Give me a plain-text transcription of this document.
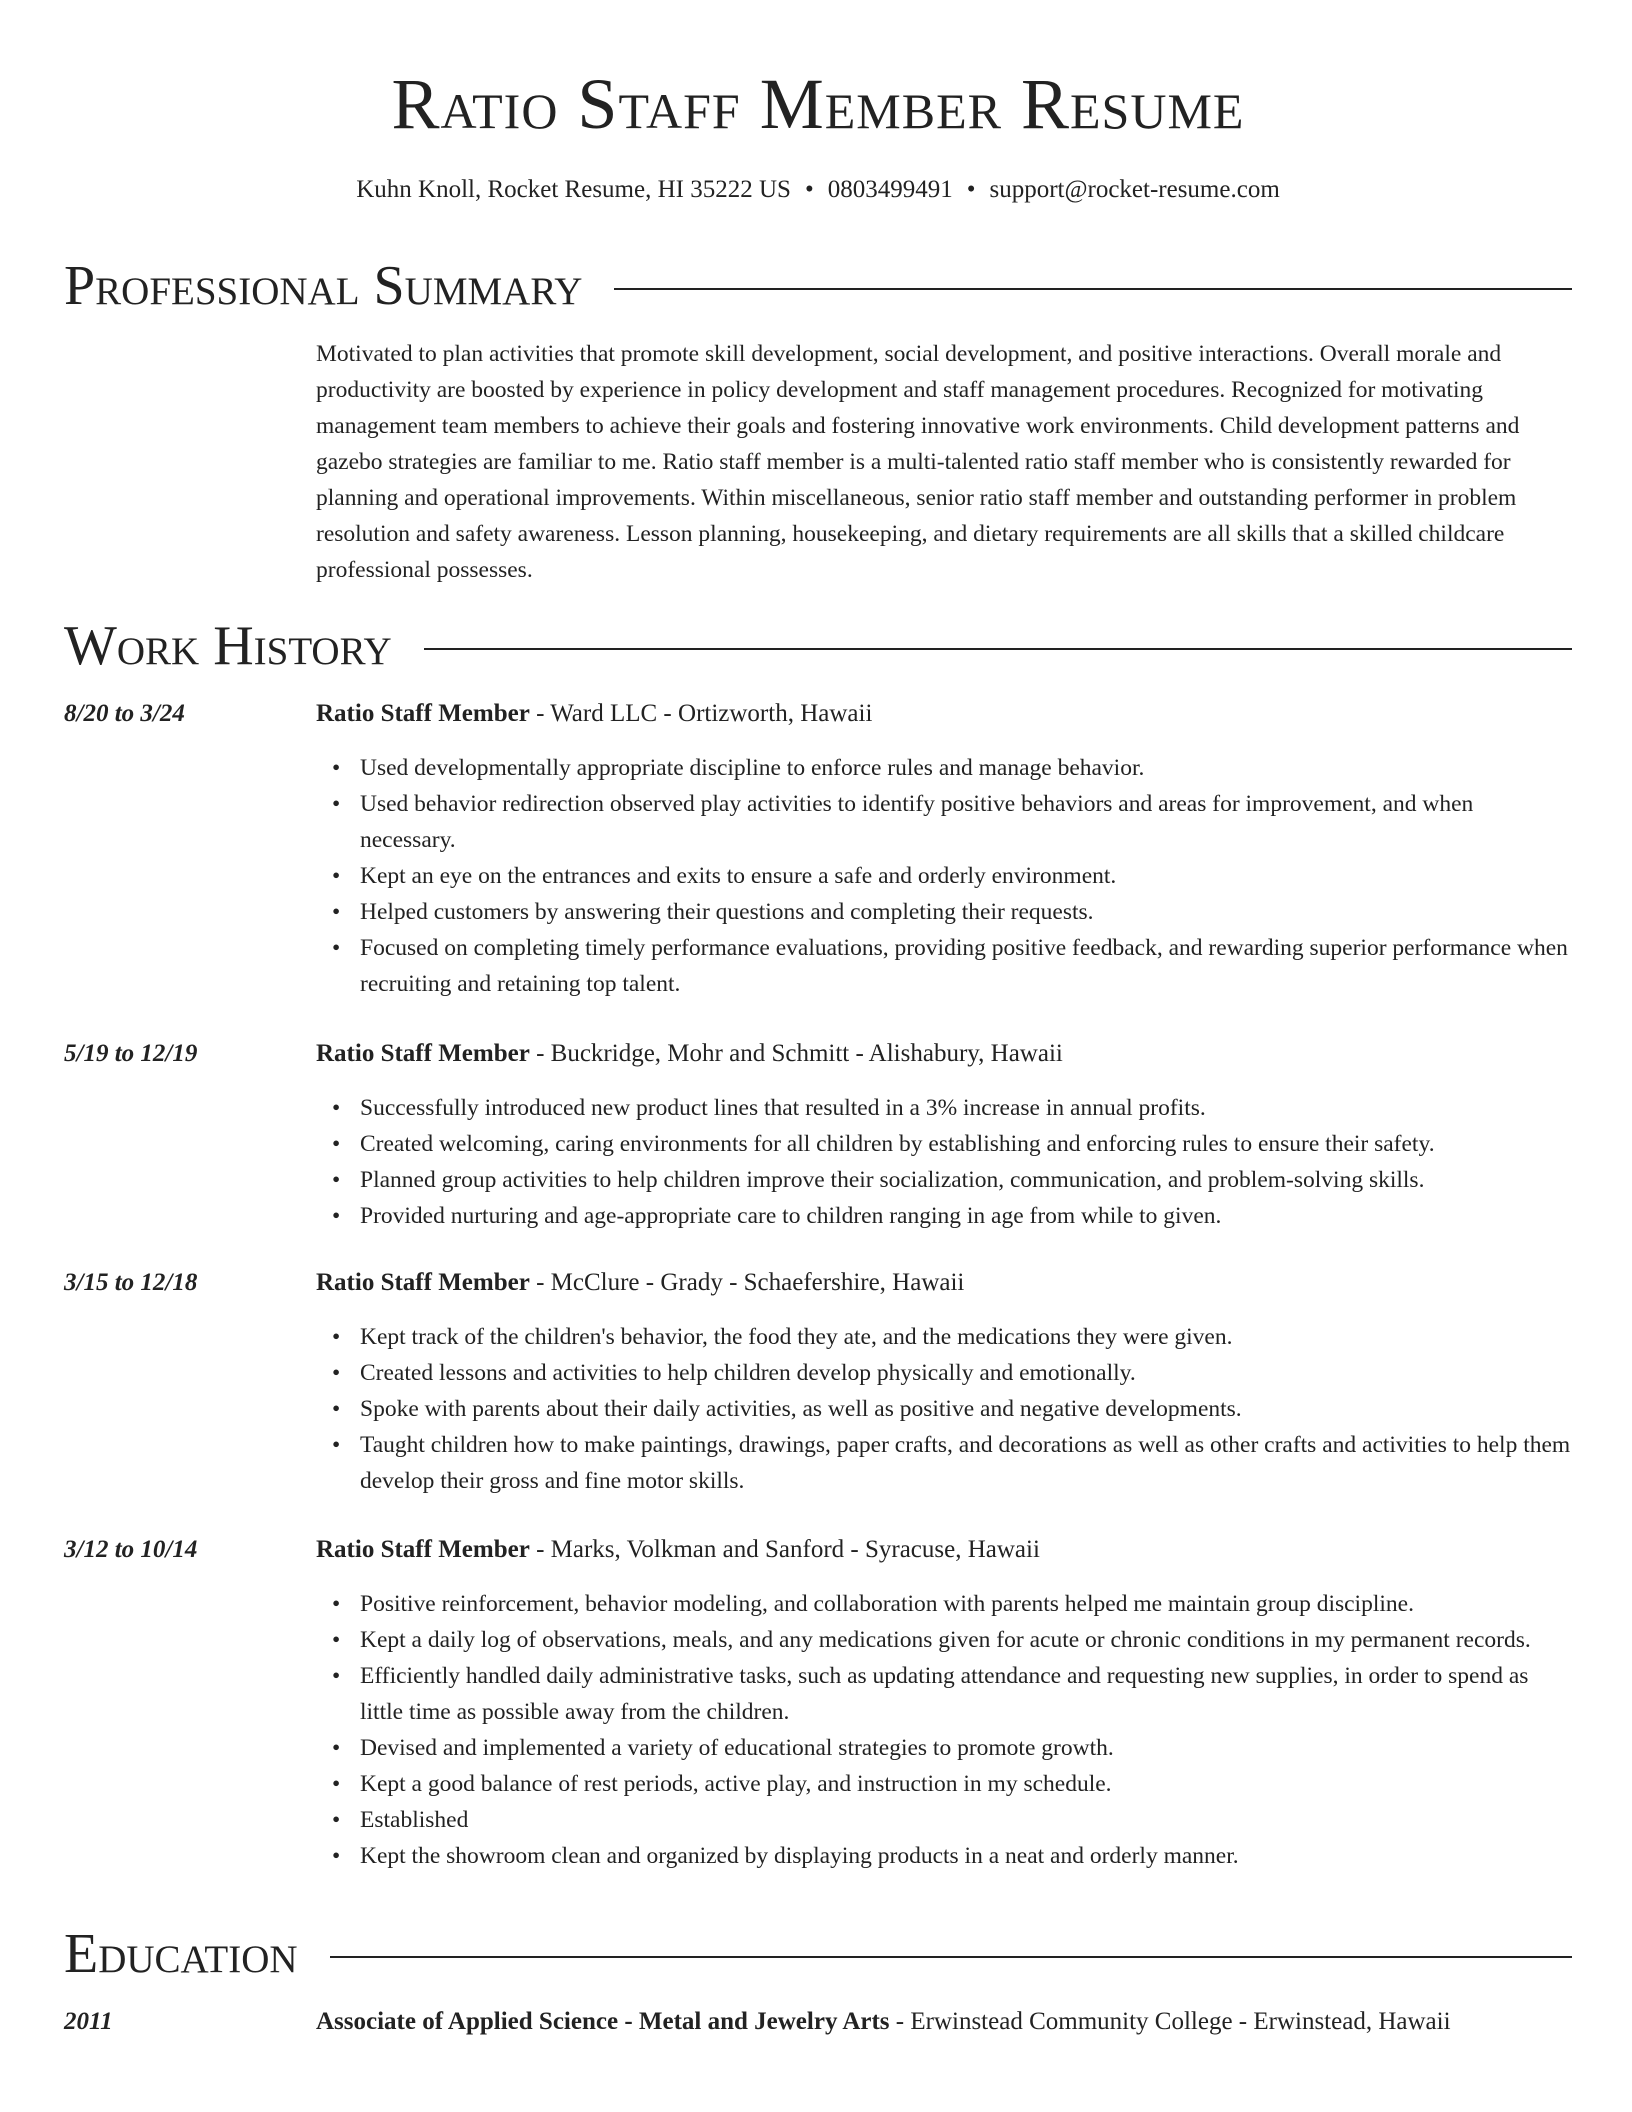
Ratio Staff Member Resume
Kuhn Knoll, Rocket Resume, HI 35222 US • 0803499491 • support@rocket-resume.com
Professional Summary
Motivated to plan activities that promote skill development, social development, and positive interactions. Overall morale and productivity are boosted by experience in policy development and staff management procedures. Recognized for motivating management team members to achieve their goals and fostering innovative work environments. Child development patterns and gazebo strategies are familiar to me. Ratio staff member is a multi-talented ratio staff member who is consistently rewarded for planning and operational improvements. Within miscellaneous, senior ratio staff member and outstanding performer in problem resolution and safety awareness. Lesson planning, housekeeping, and dietary requirements are all skills that a skilled childcare professional possesses.
Work History
8/20 to 3/24	Ratio Staff Member - Ward LLC - Ortizworth, Hawaii
• Used developmentally appropriate discipline to enforce rules and manage behavior.
• Used behavior redirection observed play activities to identify positive behaviors and areas for improvement, and when necessary.
• Kept an eye on the entrances and exits to ensure a safe and orderly environment.
• Helped customers by answering their questions and completing their requests.
• Focused on completing timely performance evaluations, providing positive feedback, and rewarding superior performance when recruiting and retaining top talent.
5/19 to 12/19	Ratio Staff Member - Buckridge, Mohr and Schmitt - Alishabury, Hawaii
• Successfully introduced new product lines that resulted in a 3% increase in annual profits.
• Created welcoming, caring environments for all children by establishing and enforcing rules to ensure their safety.
• Planned group activities to help children improve their socialization, communication, and problem-solving skills.
• Provided nurturing and age-appropriate care to children ranging in age from while to given.
3/15 to 12/18	Ratio Staff Member - McClure - Grady - Schaefershire, Hawaii
• Kept track of the children's behavior, the food they ate, and the medications they were given.
• Created lessons and activities to help children develop physically and emotionally.
• Spoke with parents about their daily activities, as well as positive and negative developments.
• Taught children how to make paintings, drawings, paper crafts, and decorations as well as other crafts and activities to help them develop their gross and fine motor skills.
3/12 to 10/14	Ratio Staff Member - Marks, Volkman and Sanford - Syracuse, Hawaii
• Positive reinforcement, behavior modeling, and collaboration with parents helped me maintain group discipline.
• Kept a daily log of observations, meals, and any medications given for acute or chronic conditions in my permanent records.
• Efficiently handled daily administrative tasks, such as updating attendance and requesting new supplies, in order to spend as little time as possible away from the children.
• Devised and implemented a variety of educational strategies to promote growth.
• Kept a good balance of rest periods, active play, and instruction in my schedule.
• Established
• Kept the showroom clean and organized by displaying products in a neat and orderly manner.
Education
2011	Associate of Applied Science - Metal and Jewelry Arts - Erwinstead Community College - Erwinstead, Hawaii
